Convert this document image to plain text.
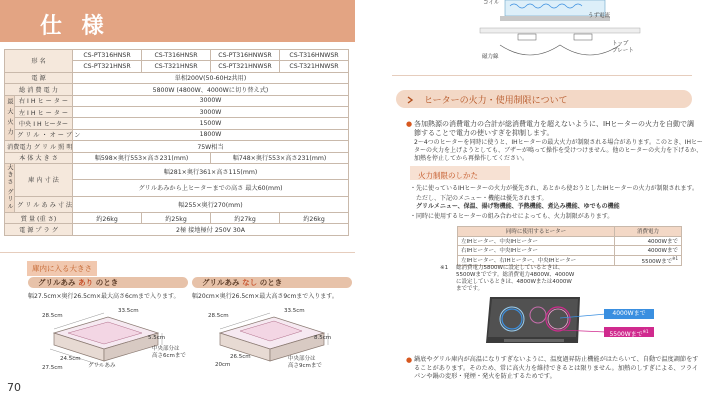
仕 様
形 名		CS-PT316HNSR	CS-T316HNSR	CS-PT316HNWSR	CS-T316HNWSR
		CS-PT321HNSR	CS-T321HNSR	CS-PT321HNWSR	CS-T321HNWSR
電 源		単相200V(50-60Hz共用)			
総 消 費 電 力		5800W (4800W、4000Wに切り替え式)			
最 大 火 力	右 I H ヒ ー タ ー	3000W			
	左 I H ヒ ー タ ー	3000W			
	中央 I H ヒーター	1500W			
	グ リ ル ・ オ ー ブ ン	1800W			
消費電力 グ リ ル 照 明		75W相当			
本 体 大 き さ		幅598×奥行553×高さ231(mm)		幅748×奥行553×高さ231(mm)	
大きさ グリル	庫 内 寸 法	幅281×奥行361×高さ115(mm)			
		グリルあみから上ヒーターまでの高さ 最大60(mm)			
	グ リ ル あ み 寸 法	幅255×奥行270(mm)			
質 量 (重 さ)		約26kg	約25kg	約27kg	約26kg
電 源 プ ラ グ		2極 接地極付 250V 30A			
庫内に入る大きさ
グリルあみ あり のとき
幅27.5cm×奥行26.5cm×最大高さ6cmまで入ります。
28.5cm
33.5cm
5.5cm
24.5cm
27.5cm	グリルあみ
中央部分は
高さ6cmまで
グリルあみ なし のとき
幅20cm×奥行26.5cm×最大高さ9cmまで入ります。
28.5cm
33.5cm
8.5cm
26.5cm
20cm
中央部分は
高さ9cmまで
70
コイル
うず電流
トップ
プレート
磁力線
ヒーターの火力・使用制限について
● 各加熱源の消費電力の合計が総消費電力を超えないように、IHヒーターの火力を自動で調節することで電力の使いすぎを抑制します。
2～4つのヒーターを同時に使うと、IHヒーターの最大火力が制限される場合があります。このとき、IHヒーターの火力を上げようとしても、ブザーが鳴って操作を受けつけません。他のヒーターの火力を下げるか、加熱を停止してから再操作してください。
火力制限のしかた
・先に使っているIHヒーターの火力が優先され、あとから使おうとしたIHヒーターの火力が制限されます。
ただし、下記のメニュー・機能は優先されます。
グリルメニュー、保温、揚げ物機能、予熱機能、煮込み機能、ゆでもの機能
・同時に使用するヒーターの組み合わせによっても、火力制限があります。
同時に使用するヒーター	消費電力
左IHヒーター、中央IHヒーター	4000Wまで
右IHヒーター、中央IHヒーター	4000Wまで
左IHヒーター、右IHヒーター、中央IHヒーター	5500Wまで$^{※1}$
※1 総消費電力5800Wに設定しているときは、5500Wまでです。総消費電力4800W、4000Wに設定しているときは、4800Wまたは4000Wまでです。
4000Wまで
5500Wまで$^{※1}$
● 鍋底やグリル庫内が高温になりすぎないように、温度過昇防止機能がはたらいて、自動で温度調節をすることがあります。そのため、常に高火力を維持できるとは限りません。加熱のしすぎによる、フライパンや鍋の変形・発煙・発火を防止するためです。
